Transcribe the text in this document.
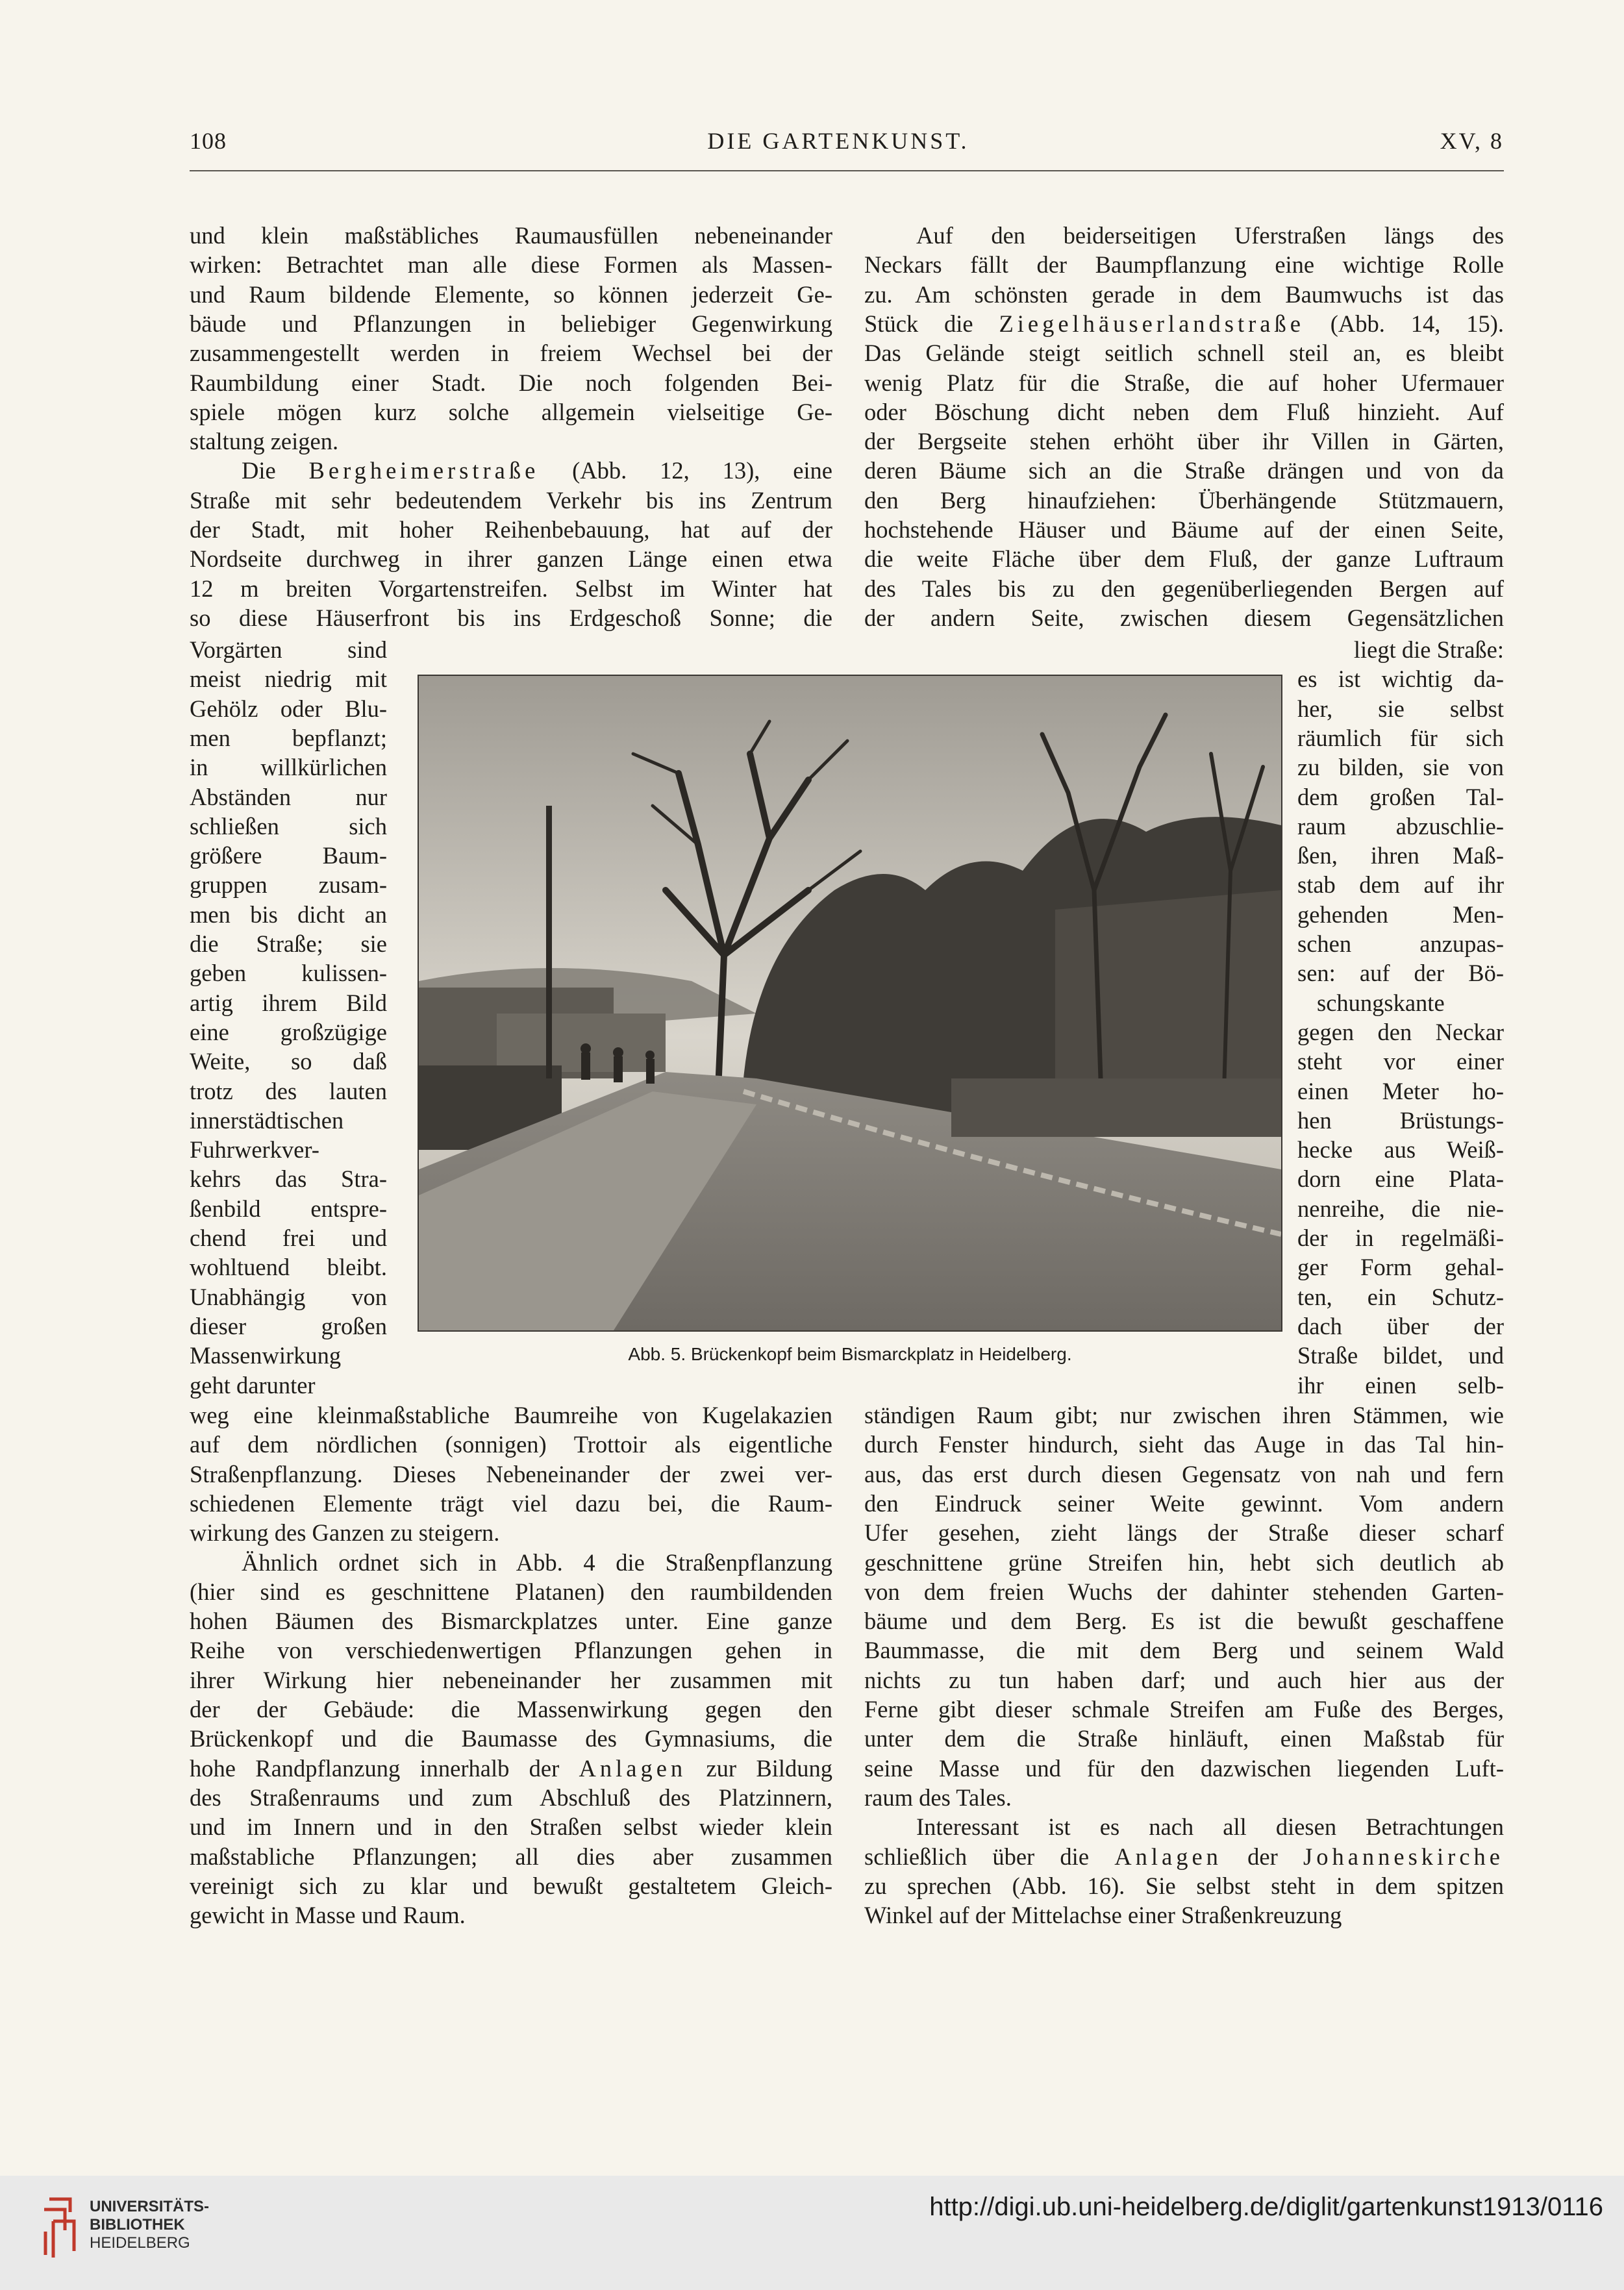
108	DIE GARTENKUNST.	XV, 8
und klein maßstäbliches Raumausfüllen nebeneinander
wirken: Betrachtet man alle diese Formen als Massen-
und Raum bildende Elemente, so können jederzeit Ge-
bäude und Pflanzungen in beliebiger Gegenwirkung
zusammengestellt werden in freiem Wechsel bei der
Raumbildung einer Stadt. Die noch folgenden Bei-
spiele mögen kurz solche allgemein vielseitige Ge-
staltung zeigen.
Die Bergheimerstraße (Abb. 12, 13), eine
Straße mit sehr bedeutendem Verkehr bis ins Zentrum
der Stadt, mit hoher Reihenbebauung, hat auf der
Nordseite durchweg in ihrer ganzen Länge einen etwa
12 m breiten Vorgartenstreifen. Selbst im Winter hat
so diese Häuserfront bis ins Erdgeschoß Sonne; die
Vorgärten sind
meist niedrig mit
Gehölz oder Blu-
men bepflanzt;
in willkürlichen
Abständen nur
schließen sich
größere Baum-
gruppen zusam-
men bis dicht an
die Straße; sie
geben kulissen-
artig ihrem Bild
eine großzügige
Weite, so daß
trotz des lauten
innerstädtischen
Fuhrwerkver-
kehrs das Stra-
ßenbild entspre-
chend frei und
wohltuend bleibt.
Unabhängig von
dieser großen
Massenwirkung
geht darunter
weg eine kleinmaßstabliche Baumreihe von Kugelakazien
auf dem nördlichen (sonnigen) Trottoir als eigentliche
Straßenpflanzung. Dieses Nebeneinander der zwei ver-
schiedenen Elemente trägt viel dazu bei, die Raum-
wirkung des Ganzen zu steigern.
Ähnlich ordnet sich in Abb. 4 die Straßenpflanzung
(hier sind es geschnittene Platanen) den raumbildenden
hohen Bäumen des Bismarckplatzes unter. Eine ganze
Reihe von verschiedenwertigen Pflanzungen gehen in
ihrer Wirkung hier nebeneinander her zusammen mit
der der Gebäude: die Massenwirkung gegen den
Brückenkopf und die Baumasse des Gymnasiums, die
hohe Randpflanzung innerhalb der Anlagen zur Bildung
des Straßenraums und zum Abschluß des Platzinnern,
und im Innern und in den Straßen selbst wieder klein
maßstabliche Pflanzungen; all dies aber zusammen
vereinigt sich zu klar und bewußt gestaltetem Gleich-
gewicht in Masse und Raum.
Auf den beiderseitigen Uferstraßen längs des
Neckars fällt der Baumpflanzung eine wichtige Rolle
zu. Am schönsten gerade in dem Baumwuchs ist das
Stück die Ziegelhäuserlandstraße (Abb. 14, 15).
Das Gelände steigt seitlich schnell steil an, es bleibt
wenig Platz für die Straße, die auf hoher Ufermauer
oder Böschung dicht neben dem Fluß hinzieht. Auf
der Bergseite stehen erhöht über ihr Villen in Gärten,
deren Bäume sich an die Straße drängen und von da
den Berg hinaufziehen: Überhängende Stützmauern,
hochstehende Häuser und Bäume auf der einen Seite,
die weite Fläche über dem Fluß, der ganze Luftraum
des Tales bis zu den gegenüberliegenden Bergen auf
der andern Seite, zwischen diesem Gegensätzlichen
liegt die Straße:
es ist wichtig da-
her, sie selbst
räumlich für sich
zu bilden, sie von
dem großen Tal-
raum abzuschlie-
ßen, ihren Maß-
stab dem auf ihr
gehenden Men-
schen anzupas-
sen: auf der Bö-
schungskante
gegen den Neckar
steht vor einer
einen Meter ho-
hen Brüstungs-
hecke aus Weiß-
dorn eine Plata-
nenreihe, die nie-
der in regelmäßi-
ger Form gehal-
ten, ein Schutz-
dach über der
Straße bildet, und
ihr einen selb-
ständigen Raum gibt; nur zwischen ihren Stämmen, wie
durch Fenster hindurch, sieht das Auge in das Tal hin-
aus, das erst durch diesen Gegensatz von nah und fern
den Eindruck seiner Weite gewinnt. Vom andern
Ufer gesehen, zieht längs der Straße dieser scharf
geschnittene grüne Streifen hin, hebt sich deutlich ab
von dem freien Wuchs der dahinter stehenden Garten-
bäume und dem Berg. Es ist die bewußt geschaffene
Baummasse, die mit dem Berg und seinem Wald
nichts zu tun haben darf; und auch hier aus der
Ferne gibt dieser schmale Streifen am Fuße des Berges,
unter dem die Straße hinläuft, einen Maßstab für
seine Masse und für den dazwischen liegenden Luft-
raum des Tales.
Interessant ist es nach all diesen Betrachtungen
schließlich über die Anlagen der Johanneskirche
zu sprechen (Abb. 16). Sie selbst steht in dem spitzen
Winkel auf der Mittelachse einer Straßenkreuzung
Abb. 5. Brückenkopf beim Bismarckplatz in Heidelberg.
UNIVERSITÄTS-
BIBLIOTHEK
HEIDELBERG
http://digi.ub.uni-heidelberg.de/diglit/gartenkunst1913/0116
